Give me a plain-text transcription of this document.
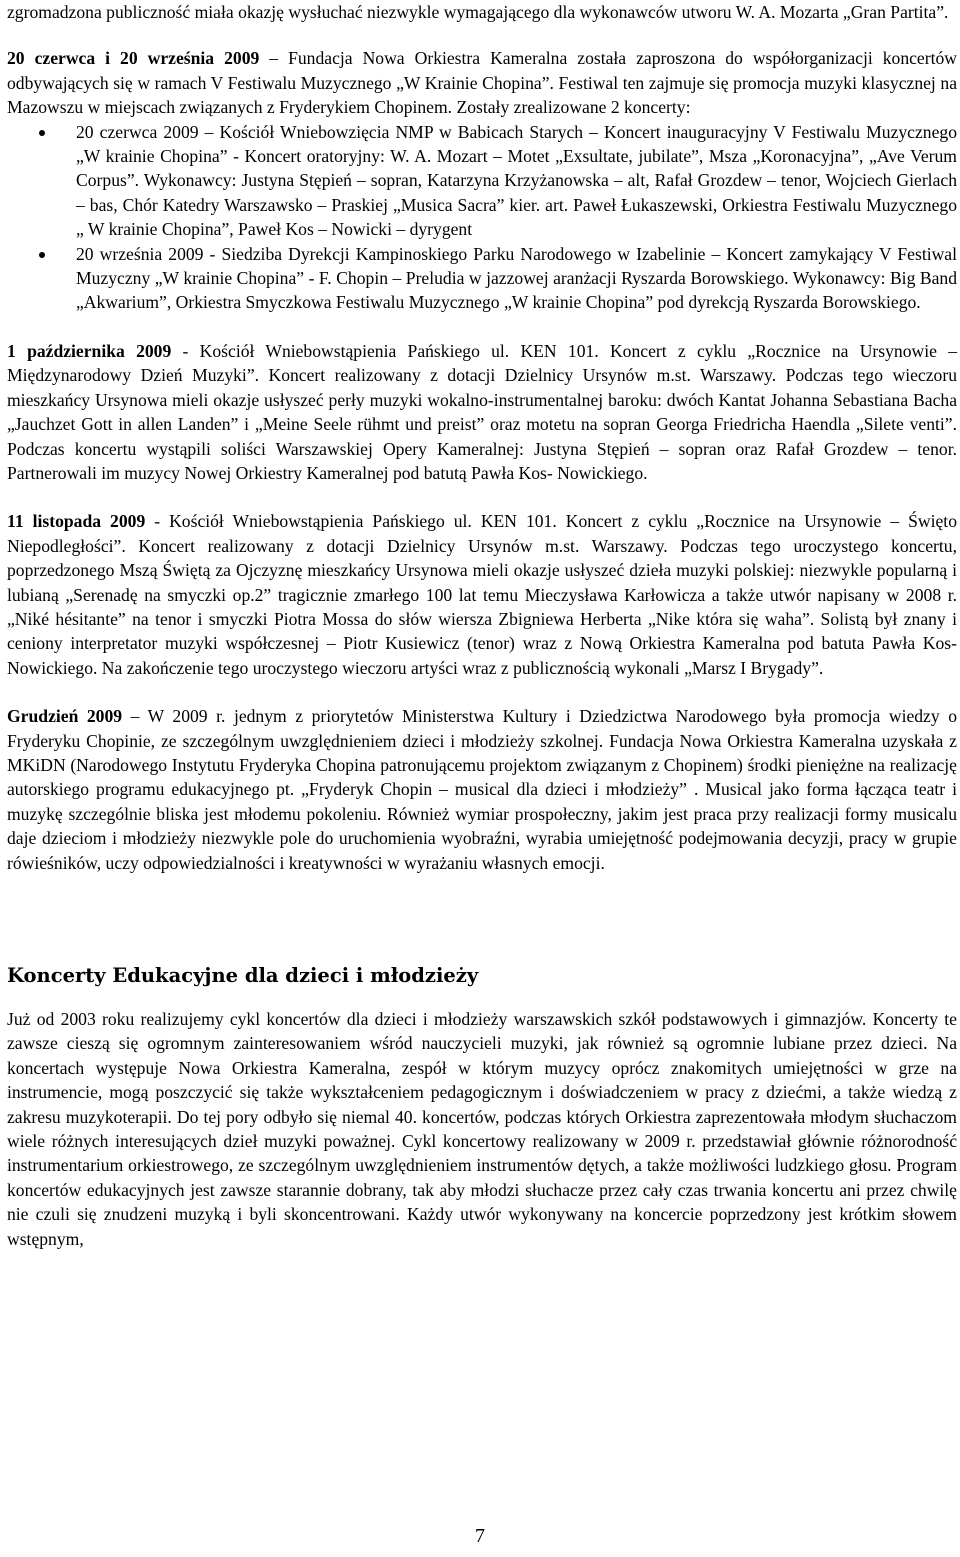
zgromadzona publiczność miała okazję wysłuchać niezwykle wymagającego dla wykonawców utworu W. A. Mozarta „Gran Partita”.

20 czerwca i 20 września 2009 – Fundacja Nowa Orkiestra Kameralna została zaproszona do współorganizacji koncertów odbywających się w ramach V Festiwalu Muzycznego „W Krainie Chopina”. Festiwal ten zajmuje się promocja muzyki klasycznej na Mazowszu w miejscach związanych z Fryderykiem Chopinem. Zostały zrealizowane 2 koncerty:

20 czerwca 2009 – Kościół Wniebowzięcia NMP w Babicach Starych – Koncert inauguracyjny V Festiwalu Muzycznego „W krainie Chopina” - Koncert oratoryjny: W. A. Mozart – Motet „Exsultate, jubilate”, Msza „Koronacyjna”, „Ave Verum Corpus”. Wykonawcy: Justyna Stępień – sopran, Katarzyna Krzyżanowska – alt, Rafał Grozdew – tenor, Wojciech Gierlach – bas, Chór Katedry Warszawsko – Praskiej „Musica Sacra” kier. art. Paweł Łukaszewski, Orkiestra Festiwalu Muzycznego „ W krainie Chopina”, Paweł Kos – Nowicki – dyrygent
20 września 2009 - Siedziba Dyrekcji Kampinoskiego Parku Narodowego w Izabelinie – Koncert zamykający V Festiwal Muzyczny „W krainie Chopina” - F. Chopin – Preludia w jazzowej aranżacji Ryszarda Borowskiego. Wykonawcy: Big Band „Akwarium”, Orkiestra Smyczkowa Festiwalu Muzycznego „W krainie Chopina” pod dyrekcją Ryszarda Borowskiego.

1 października 2009 - Kościół Wniebowstąpienia Pańskiego ul. KEN 101. Koncert z cyklu „Rocznice na Ursynowie – Międzynarodowy Dzień Muzyki”. Koncert realizowany z dotacji Dzielnicy Ursynów m.st. Warszawy. Podczas tego wieczoru mieszkańcy Ursynowa mieli okazje usłyszeć perły muzyki wokalno-instrumentalnej baroku: dwóch Kantat Johanna Sebastiana Bacha „Jauchzet Gott in allen Landen” i „Meine Seele rühmt und preist” oraz motetu na sopran Georga Friedricha Haendla „Silete venti”. Podczas koncertu wystąpili soliści Warszawskiej Opery Kameralnej: Justyna Stępień – sopran oraz Rafał Grozdew – tenor. Partnerowali im muzycy Nowej Orkiestry Kameralnej pod batutą Pawła Kos- Nowickiego.

11 listopada 2009 - Kościół Wniebowstąpienia Pańskiego ul. KEN 101. Koncert z cyklu „Rocznice na Ursynowie – Święto Niepodległości”. Koncert realizowany z dotacji Dzielnicy Ursynów m.st. Warszawy. Podczas tego uroczystego koncertu, poprzedzonego Mszą Świętą za Ojczyznę mieszkańcy Ursynowa mieli okazje usłyszeć dzieła muzyki polskiej: niezwykle popularną i lubianą „Serenadę na smyczki op.2” tragicznie zmarłego 100 lat temu Mieczysława Karłowicza a także utwór napisany w 2008 r. „Niké hésitante” na tenor i smyczki Piotra Mossa do słów wiersza Zbigniewa Herberta „Nike która się waha”. Solistą był znany i ceniony interpretator muzyki współczesnej – Piotr Kusiewicz (tenor) wraz z Nową Orkiestra Kameralna pod batuta Pawła Kos-Nowickiego. Na zakończenie tego uroczystego wieczoru artyści wraz z publicznością wykonali „Marsz I Brygady”.

Grudzień 2009 – W 2009 r. jednym z priorytetów Ministerstwa Kultury i Dziedzictwa Narodowego była promocja wiedzy o Fryderyku Chopinie, ze szczególnym uwzględnieniem dzieci i młodzieży szkolnej. Fundacja Nowa Orkiestra Kameralna uzyskała z MKiDN (Narodowego Instytutu Fryderyka Chopina patronującemu projektom związanym z Chopinem) środki pieniężne na realizację autorskiego programu edukacyjnego pt. „Fryderyk Chopin – musical dla dzieci i młodzieży” . Musical jako forma łącząca teatr i muzykę szczególnie bliska jest młodemu pokoleniu. Również wymiar prospołeczny, jakim jest praca przy realizacji formy musicalu daje dzieciom i młodzieży niezwykle pole do uruchomienia wyobraźni, wyrabia umiejętność podejmowania decyzji, pracy w grupie rówieśników, uczy odpowiedzialności i kreatywności w wyrażaniu własnych emocji.

Koncerty Edukacyjne dla dzieci i młodzieży

Już od 2003 roku realizujemy cykl koncertów dla dzieci i młodzieży warszawskich szkół podstawowych i gimnazjów. Koncerty te zawsze cieszą się ogromnym zainteresowaniem wśród nauczycieli muzyki, jak również są ogromnie lubiane przez dzieci. Na koncertach występuje Nowa Orkiestra Kameralna, zespół w którym muzycy oprócz znakomitych umiejętności w grze na instrumencie, mogą poszczycić się także wykształceniem pedagogicznym i doświadczeniem w pracy z dziećmi, a także wiedzą z zakresu muzykoterapii. Do tej pory odbyło się niemal 40. koncertów, podczas których Orkiestra zaprezentowała młodym słuchaczom wiele różnych interesujących dzieł muzyki poważnej. Cykl koncertowy realizowany w 2009 r. przedstawiał głównie różnorodność instrumentarium orkiestrowego, ze szczególnym uwzględnieniem instrumentów dętych, a także możliwości ludzkiego głosu. Program koncertów edukacyjnych jest zawsze starannie dobrany, tak aby młodzi słuchacze przez cały czas trwania koncertu ani przez chwilę nie czuli się znudzeni muzyką i byli skoncentrowani. Każdy utwór wykonywany na koncercie poprzedzony jest krótkim słowem wstępnym,

7
